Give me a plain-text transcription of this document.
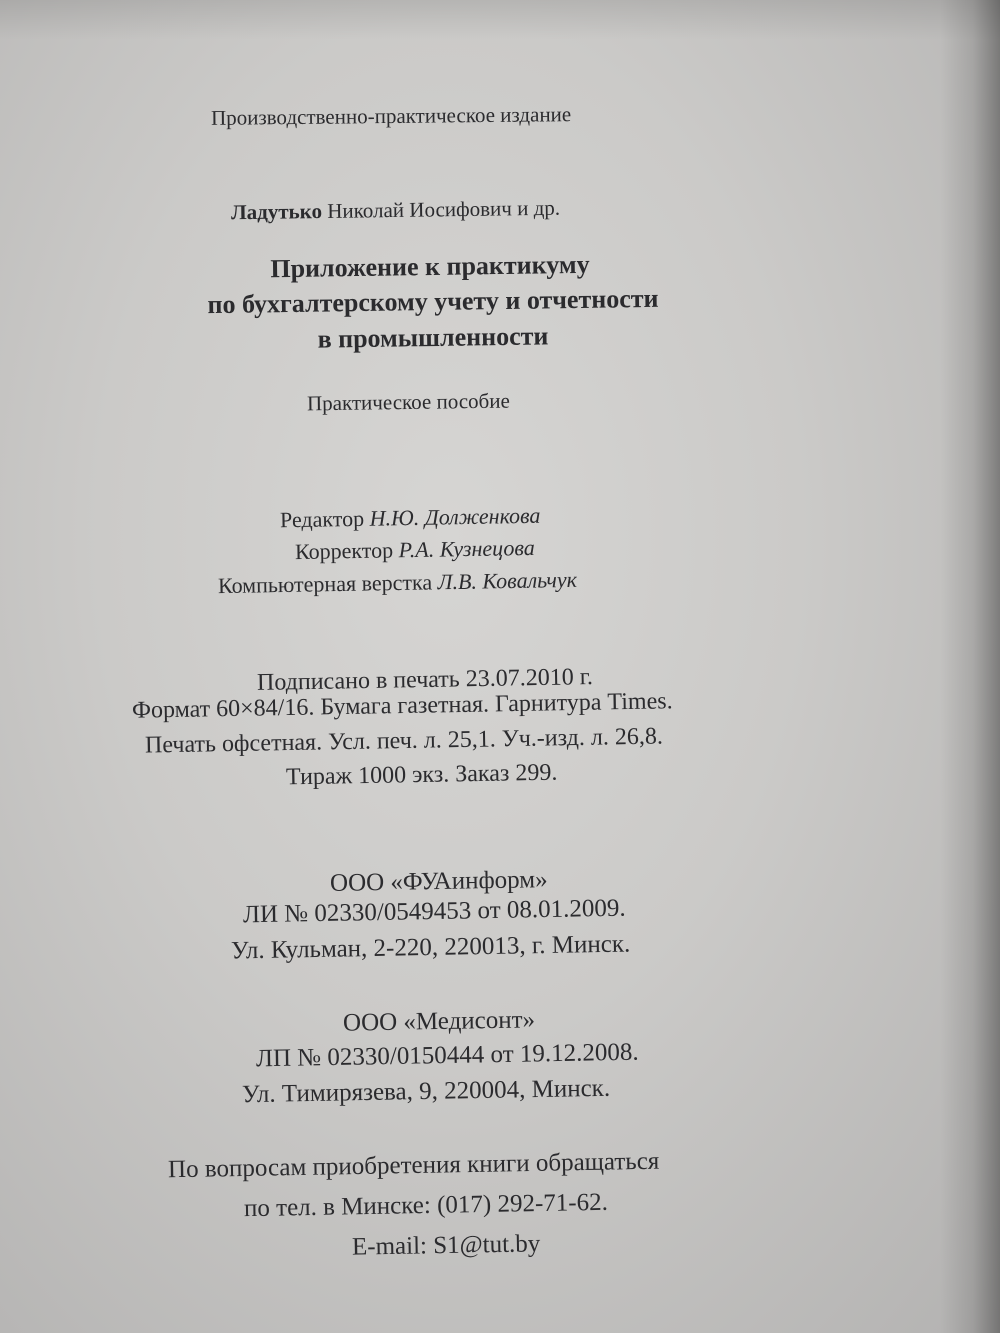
Производственно-практическое издание
Ладутько Николай Иосифович и др.
Приложение к практикуму
по бухгалтерскому учету и отчетности
в промышленности
Практическое пособие
Редактор Н.Ю. Долженкова
Корректор Р.А. Кузнецова
Компьютерная верстка Л.В. Ковальчук
Подписано в печать 23.07.2010 г.
Формат 60×84/16. Бумага газетная. Гарнитура Times.
Печать офсетная. Усл. печ. л. 25,1. Уч.-изд. л. 26,8.
Тираж 1000 экз. Заказ 299.
ООО «ФУАинформ»
ЛИ № 02330/0549453 от 08.01.2009.
Ул. Кульман, 2-220, 220013, г. Минск.
ООО «Медисонт»
ЛП № 02330/0150444 от 19.12.2008.
Ул. Тимирязева, 9, 220004, Минск.
По вопросам приобретения книги обращаться
по тел. в Минске: (017) 292-71-62.
E-mail: S1@tut.by
